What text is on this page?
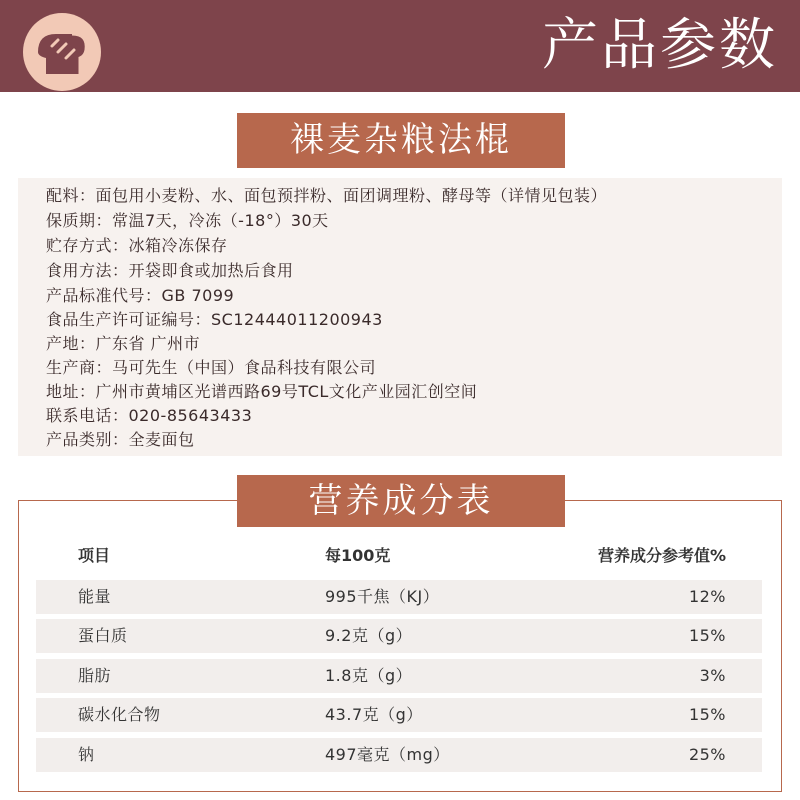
产品参数
裸麦杂粮法棍
配料：面包用小麦粉、水、面包预拌粉、面团调理粉、酵母等（详情见包装）
保质期：常温7天，冷冻（-18°）30天
贮存方式：冰箱冷冻保存
食用方法：开袋即食或加热后食用
产品标准代号：GB 7099
食品生产许可证编号：SC12444011200943
产地：广东省 广州市
生产商：马可先生（中国）食品科技有限公司
地址：广州市黄埔区光谱西路69号TCL文化产业园汇创空间
联系电话：020-85643433
产品类别：全麦面包
营养成分表
项目	每100克	营养成分参考值%
能量	995千焦（KJ）	12%
蛋白质	9.2克（g）	15%
脂肪	1.8克（g）	3%
碳水化合物	43.7克（g）	15%
钠	497毫克（mg）	25%
